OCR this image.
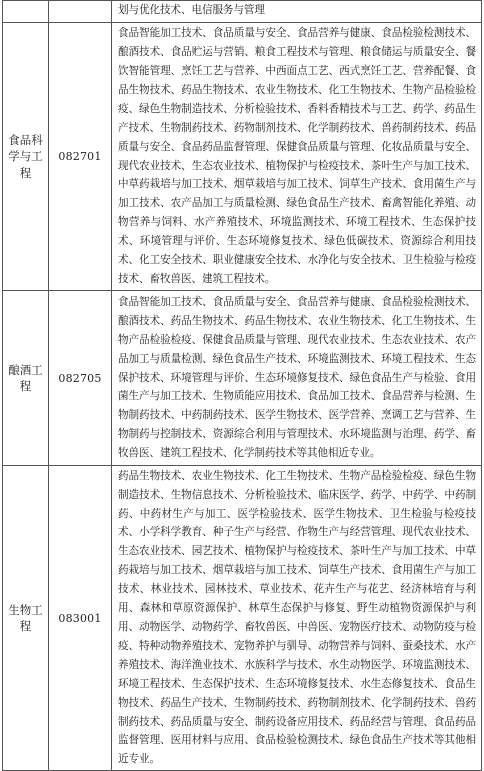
		划与优化技术、电信服务与管理
食品科学与工程	082701	食品智能加工技术、食品质量与安全、食品营养与健康、食品检验检测技术、酿酒技术、食品贮运与营销、粮食工程技术与管理、粮食储运与质量安全、餐饮智能管理、烹饪工艺与营养、中西面点工艺、西式烹饪工艺、营养配餐、食品生物技术、药品生物技术、农业生物技术、化工生物技术、生物产品检验检疫、绿色生物制造技术、分析检验技术、香料香精技术与工艺、药学、药品生产技术、生物制药技术、药物制剂技术、化学制药技术、兽药制药技术、药品质量与安全、食品药品监督管理、保健食品质量与管理、化妆品质量与安全、现代农业技术、生态农业技术、植物保护与检疫技术、茶叶生产与加工技术、中草药栽培与加工技术、烟草栽培与加工技术、饲草生产技术、食用菌生产与加工技术、农产品加工与质量检测、绿色食品生产技术、畜禽智能化养殖、动物营养与饲料、水产养殖技术、环境监测技术、环境工程技术、生态保护技术、环境管理与评价、生态环境修复技术、绿色低碳技术、资源综合利用技术、化工安全技术、职业健康安全技术、水净化与安全技术、卫生检验与检疫技术、畜牧兽医、建筑工程技术。
酿酒工程	082705	食品智能加工技术、食品质量与安全、食品营养与健康、食品检验检测技术、酿酒技术、药品生物技术、药品生物技术、农业生物技术、化工生物技术、生物产品检验检疫、保健食品质量与管理、现代农业技术、生态农业技术、农产品加工与质量检测、绿色食品生产技术、环境监测技术、环境工程技术、生态保护技术、环境管理与评价、生态环境修复技术、绿色食品生产与检验、食用菌生产与加工技术、生物质能应用技术、食品加工技术、食品营养与检测、生物制药技术、中药制药技术、医学生物技术、医学营养、烹调工艺与营养、生物制药与控制技术、资源综合利用与管理技术、水环境监测与治理、药学、畜牧兽医、建筑工程技术、化学制药技术等其他相近专业。
生物工程	083001	药品生物技术、农业生物技术、化工生物技术、生物产品检验检疫、绿色生物制造技术、生物信息技术、分析检验技术、临床医学、药学、中药学、中药制药、中药材生产与加工、医学检验技术、医学生物技术、卫生检验与检疫技术、小学科学教育、种子生产与经营、作物生产与经营管理、现代农业技术、生态农业技术、园艺技术、植物保护与检疫技术、茶叶生产与加工技术、中草药栽培与加工技术、烟草栽培与加工技术、饲草生产技术、食用菌生产与加工技术、林业技术、园林技术、草业技术、花卉生产与花艺、经济林培育与利用、森林和草原资源保护、林草生态保护与修复、野生动植物资源保护与利用、动物医学、动物药学、畜牧兽医、中兽医、宠物医疗技术、动物防疫与检疫、特种动物养殖技术、宠物养护与驯导、动物营养与饲料、蚕桑技术、水产养殖技术、海洋渔业技术、水族科学与技术、水生动物医学、环境监测技术、环境工程技术、生态保护技术、生态环境修复技术、水生态修复技术、食品生物技术、药品生产技术、生物制药技术、药物制剂技术、化学制药技术、兽药制药技术、药品质量与安全、制药设备应用技术、药品经营与管理、食品药品监督管理、医用材料与应用、食品检验检测技术、绿色食品生产技术等其他相近专业。
